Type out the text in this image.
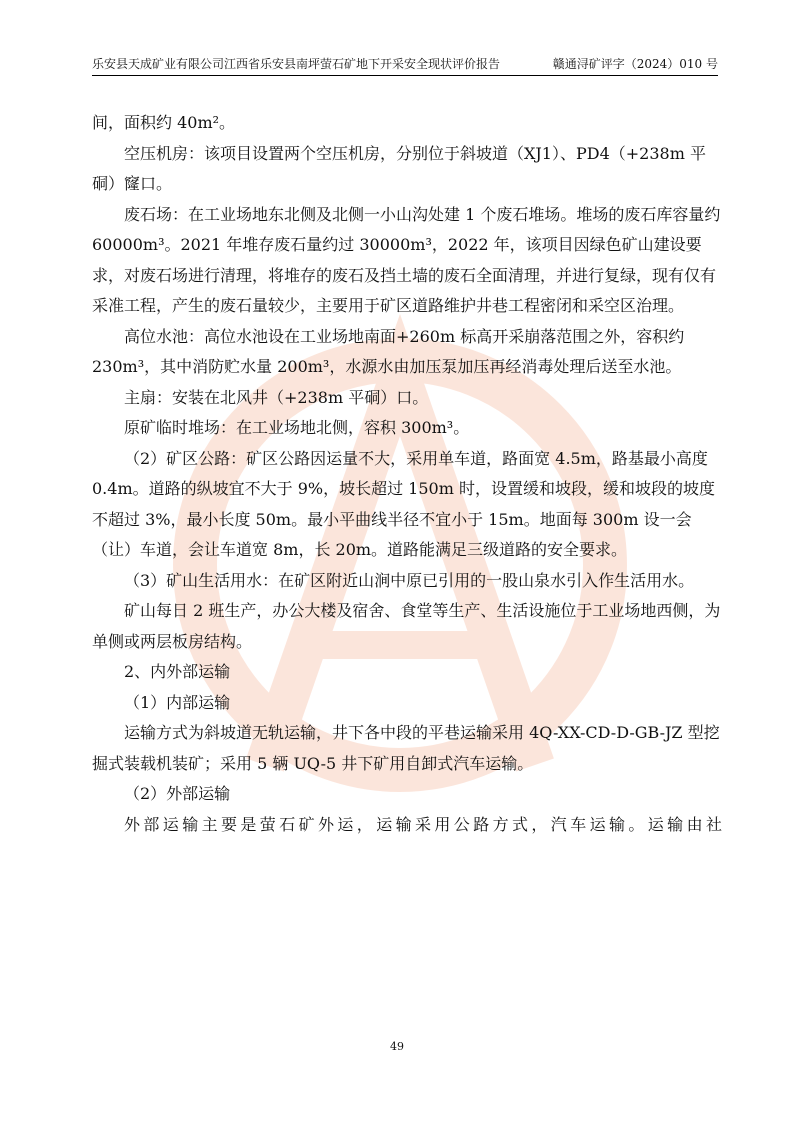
乐安县天成矿业有限公司江西省乐安县南坪萤石矿地下开采安全现状评价报告	赣通浔矿评字（2024）010 号

间，面积约 40m²。

空压机房：该项目设置两个空压机房，分别位于斜坡道（XJ1）、PD4（+238m 平硐）窿口。

废石场：在工业场地东北侧及北侧一小山沟处建 1 个废石堆场。堆场的废石库容量约 60000m³。2021 年堆存废石量约过 30000m³，2022 年，该项目因绿色矿山建设要求，对废石场进行清理，将堆存的废石及挡土墙的废石全面清理，并进行复绿，现有仅有采准工程，产生的废石量较少，主要用于矿区道路维护井巷工程密闭和采空区治理。

高位水池：高位水池设在工业场地南面+260m 标高开采崩落范围之外，容积约 230m³，其中消防贮水量 200m³，水源水由加压泵加压再经消毒处理后送至水池。

主扇：安装在北风井（+238m 平硐）口。

原矿临时堆场：在工业场地北侧，容积 300m³。

（2）矿区公路：矿区公路因运量不大，采用单车道，路面宽 4.5m，路基最小高度 0.4m。道路的纵坡宜不大于 9%，坡长超过 150m 时，设置缓和坡段，缓和坡段的坡度不超过 3%，最小长度 50m。最小平曲线半径不宜小于 15m。地面每 300m 设一会（让）车道，会让车道宽 8m，长 20m。道路能满足三级道路的安全要求。

（3）矿山生活用水：在矿区附近山涧中原已引用的一股山泉水引入作生活用水。

矿山每日 2 班生产，办公大楼及宿舍、食堂等生产、生活设施位于工业场地西侧，为单侧或两层板房结构。

2、内外部运输

（1）内部运输

运输方式为斜坡道无轨运输，井下各中段的平巷运输采用 4Q-XX-CD-D-GB-JZ 型挖掘式装载机装矿；采用 5 辆 UQ-5 井下矿用自卸式汽车运输。

（2）外部运输

外部运输主要是萤石矿外运，运输采用公路方式，汽车运输。运输由社

49
